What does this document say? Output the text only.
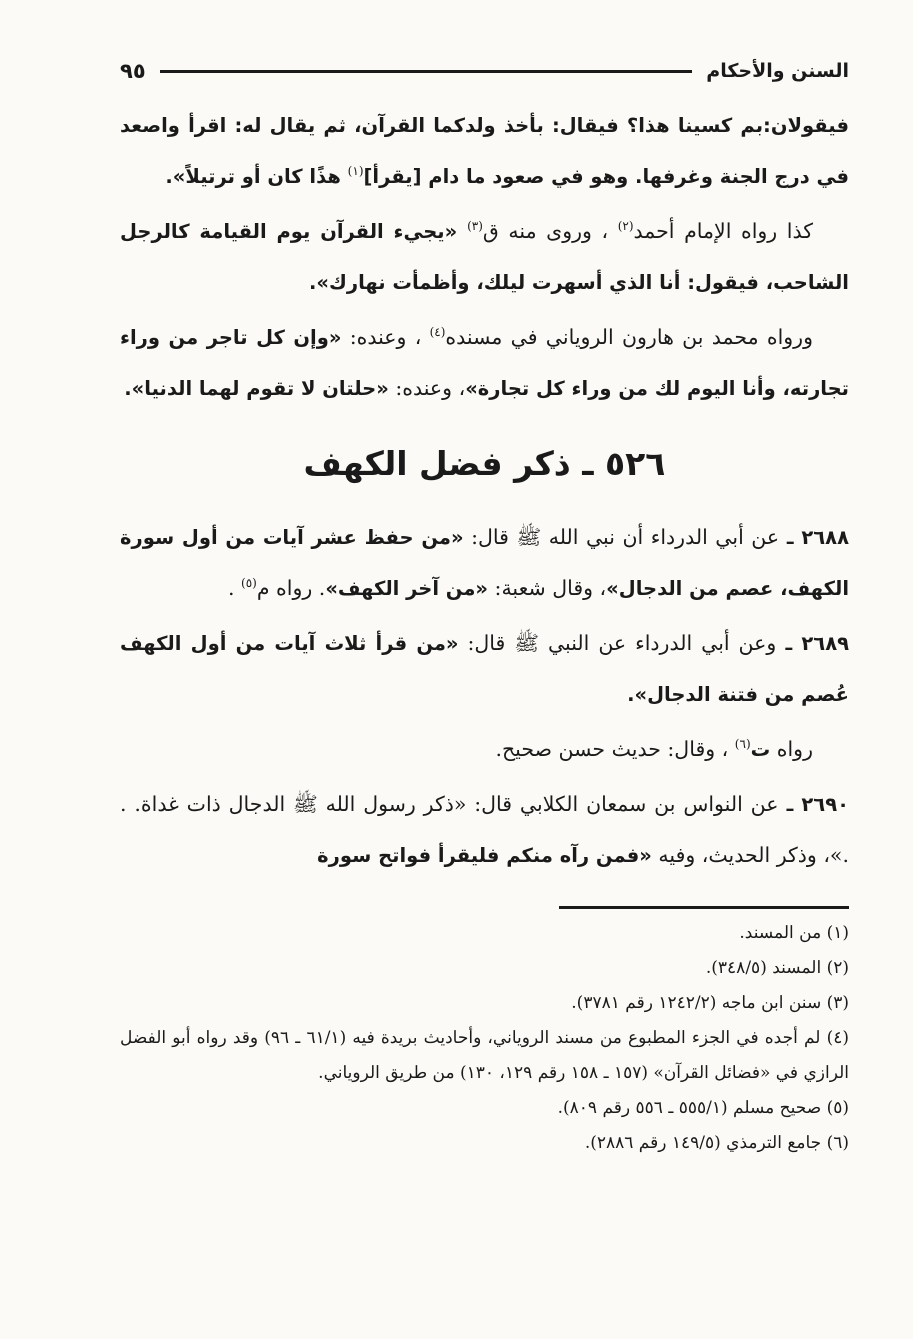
السنن والأحكام
٩٥

فيقولان:بم كسينا هذا؟ فيقال: بأخذ ولدكما القرآن، ثم يقال له: اقرأ واصعد في درج الجنة وغرفها. وهو في صعود ما دام [يقرأ]$^{(١)}$ هذًا كان أو ترتيلاً».

كذا رواه الإمام أحمد$^{(٢)}$ ، وروى منه ق$^{(٣)}$ «يجيء القرآن يوم القيامة كالرجل الشاحب، فيقول: أنا الذي أسهرت ليلك، وأظمأت نهارك».

ورواه محمد بن هارون الروياني في مسنده$^{(٤)}$ ، وعنده: «وإن كل تاجر من وراء تجارته، وأنا اليوم لك من وراء كل تجارة»، وعنده: «حلتان لا تقوم لهما الدنيا».

٥٢٦ ـ ذكر فضل الكهف

٢٦٨٨ ـ عن أبي الدرداء أن نبي الله ﷺ قال: «من حفظ عشر آيات من أول سورة الكهف، عصم من الدجال»، وقال شعبة: «من آخر الكهف». رواه م$^{(٥)}$ .

٢٦٨٩ ـ وعن أبي الدرداء عن النبي ﷺ قال: «من قرأ ثلاث آيات من أول الكهف عُصم من فتنة الدجال».

رواه ت$^{(٦)}$ ، وقال: حديث حسن صحيح.

٢٦٩٠ ـ عن النواس بن سمعان الكلابي قال: «ذكر رسول الله ﷺ الدجال ذات غداة. . .»، وذكر الحديث، وفيه «فمن رآه منكم فليقرأ فواتح سورة

(١) من المسند.

(٢) المسند (٣٤٨/٥).

(٣) سنن ابن ماجه (١٢٤٢/٢ رقم ٣٧٨١).

(٤) لم أجده في الجزء المطبوع من مسند الروياني، وأحاديث بريدة فيه (٦١/١ ـ ٩٦) وقد رواه أبو الفضل الرازي في «فضائل القرآن» (١٥٧ ـ ١٥٨ رقم ١٢٩، ١٣٠) من طريق الروياني.

(٥) صحيح مسلم (٥٥٥/١ ـ ٥٥٦ رقم ٨٠٩).

(٦) جامع الترمذي (١٤٩/٥ رقم ٢٨٨٦).
